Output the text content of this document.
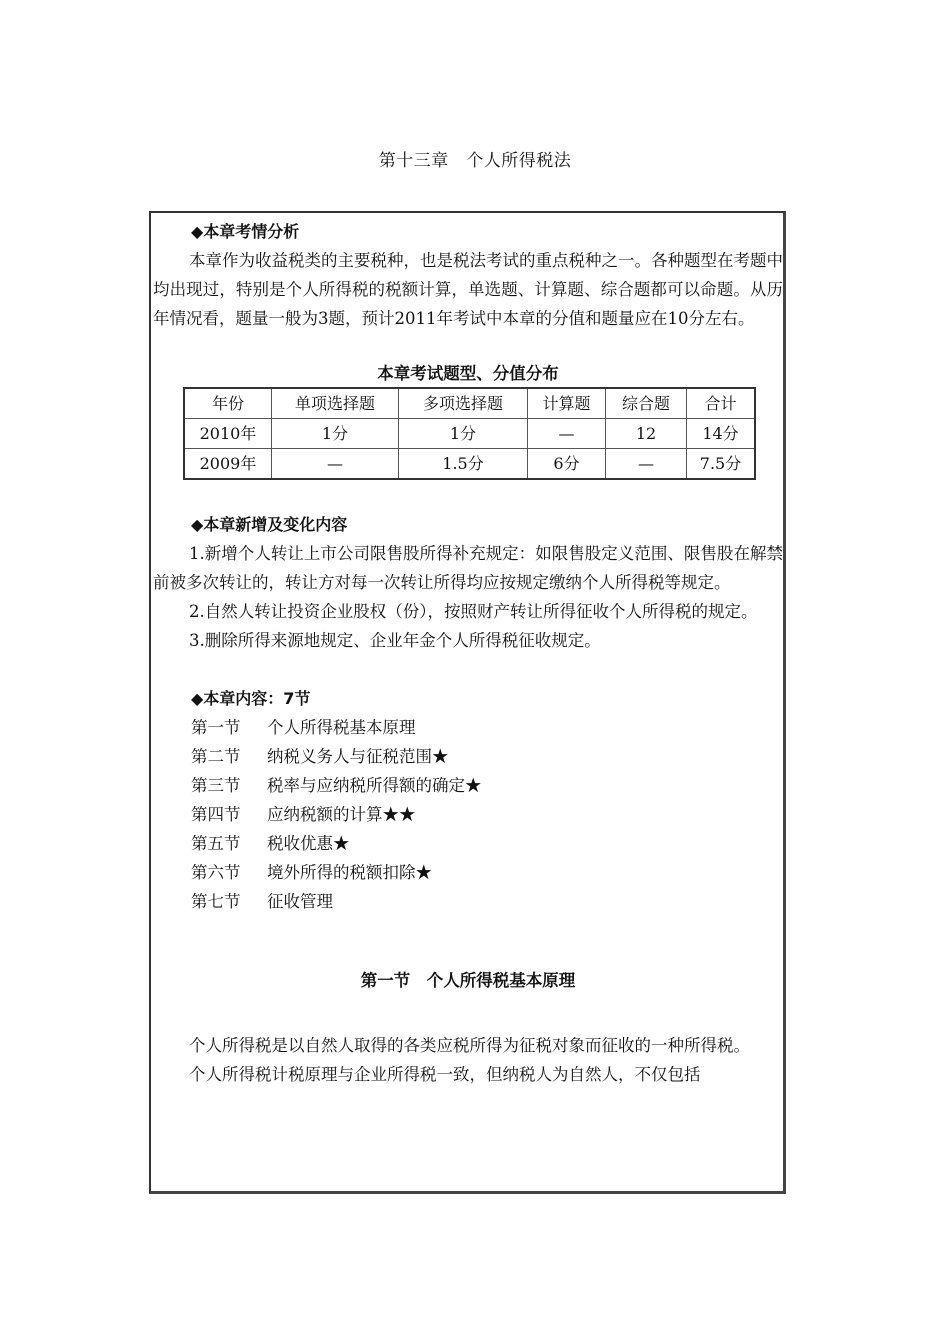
第十三章　个人所得税法
◆本章考情分析
本章作为收益税类的主要税种，也是税法考试的重点税种之一。各种题型在考题中均出现过，特别是个人所得税的税额计算，单选题、计算题、综合题都可以命题。从历年情况看，题量一般为3题，预计2011年考试中本章的分值和题量应在10分左右。
本章考试题型、分值分布
年份	单项选择题	多项选择题	计算题	综合题	合计
2010年	1分	1分	—	12	14分
2009年	—	1.5分	6分	—	7.5分
◆本章新增及变化内容
1.新增个人转让上市公司限售股所得补充规定：如限售股定义范围、限售股在解禁前被多次转让的，转让方对每一次转让所得均应按规定缴纳个人所得税等规定。
2.自然人转让投资企业股权（份），按照财产转让所得征收个人所得税的规定。
3.删除所得来源地规定、企业年金个人所得税征收规定。
◆本章内容：7节
第一节 个人所得税基本原理
第二节 纳税义务人与征税范围★
第三节 税率与应纳税所得额的确定★
第四节 应纳税额的计算★★
第五节 税收优惠★
第六节 境外所得的税额扣除★
第七节 征收管理
第一节　个人所得税基本原理
个人所得税是以自然人取得的各类应税所得为征税对象而征收的一种所得税。
个人所得税计税原理与企业所得税一致，但纳税人为自然人，不仅包括
